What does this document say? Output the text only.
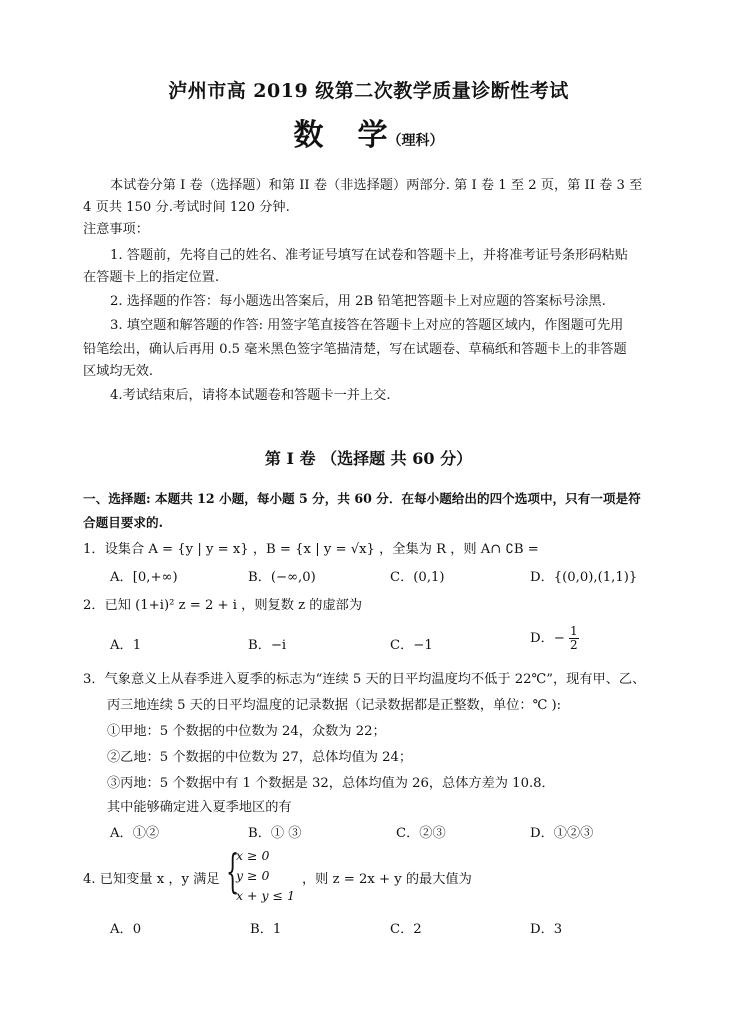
泸州市高 2019 级第二次教学质量诊断性考试
数 学（理科）
本试卷分第 I 卷（选择题）和第 II 卷（非选择题）两部分. 第 I 卷 1 至 2 页，第 II 卷 3 至
4 页共 150 分.考试时间 120 分钟.
注意事项：
1. 答题前，先将自己的姓名、准考证号填写在试卷和答题卡上，并将准考证号条形码粘贴
在答题卡上的指定位置.
2. 选择题的作答：每小题选出答案后，用 2B 铅笔把答题卡上对应题的答案标号涂黑.
3. 填空题和解答题的作答: 用签字笔直接答在答题卡上对应的答题区域内，作图题可先用
铅笔绘出，确认后再用 0.5 毫米黑色签字笔描清楚，写在试题卷、草稿纸和答题卡上的非答题
区域均无效.
4.考试结束后，请将本试题卷和答题卡一并上交.
第 I 卷 （选择题 共 60 分）
一、选择题: 本题共 12 小题，每小题 5 分，共 60 分．在每小题给出的四个选项中，只有一项是符
合题目要求的.
1．设集合 A = {y | y = x} ，B = {x | y = √x} ，全集为 R ，则 A∩ ∁B =
A．[0,+∞)	B．(−∞,0)	C．(0,1)	D．{(0,0),(1,1)}
2．已知 (1+i)² z = 2 + i ，则复数 z 的虚部为
A．1	B．−i	C．−1	D．− $\frac{1}{2}$
3．气象意义上从春季进入夏季的标志为“连续 5 天的日平均温度均不低于 22℃”，现有甲、乙、
丙三地连续 5 天的日平均温度的记录数据（记录数据都是正整数，单位：℃ ):
①甲地：5 个数据的中位数为 24，众数为 22；
②乙地：5 个数据的中位数为 27，总体均值为 24；
③丙地：5 个数据中有 1 个数据是 32，总体均值为 26，总体方差为 10.8．
其中能够确定进入夏季地区的有
A．①②	B．① ③	C．②③	D．①②③
4. 已知变量 x ，y 满足 {
x ≥ 0
y ≥ 0
x + y ≤ 1
，则 z = 2x + y 的最大值为
A．0	B．1	C．2	D．3
